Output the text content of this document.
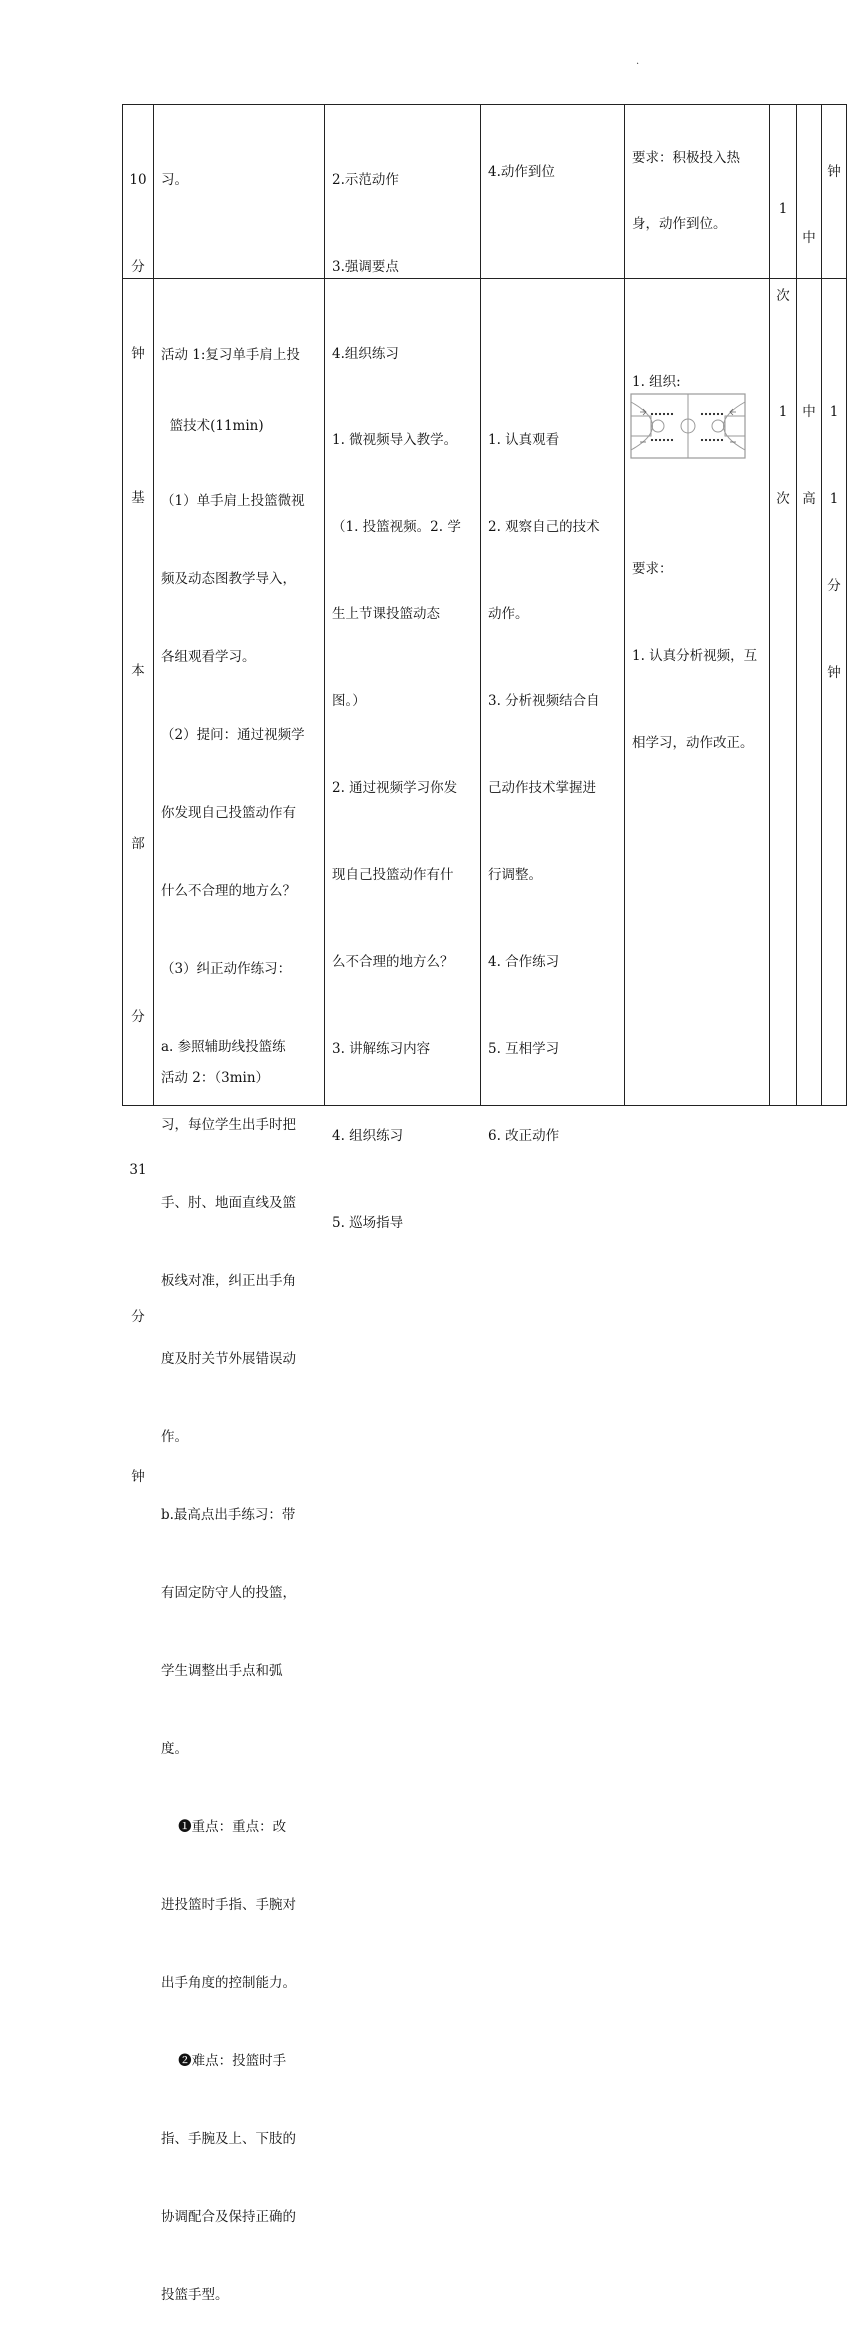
.

10

分

钟

习。

	2.示范动作

3.强调要点

4.组织练习

4.动作到位

要求：积极投入热

身，动作到位。

1

次

中

钟

基

本

部

分

31

分

钟

活动 1:复习单手肩上投

篮技术(11min)

（1）单手肩上投篮微视

频及动态图教学导入，

各组观看学习。

（2）提问：通过视频学

你发现自己投篮动作有

什么不合理的地方么？

（3）纠正动作练习：

a. 参照辅助线投篮练

习，每位学生出手时把

手、肘、地面直线及篮

板线对准，纠正出手角

度及肘关节外展错误动

作。

b.最高点出手练习：带

有固定防守人的投篮，

学生调整出手点和弧

度。

❶重点：重点：改

进投篮时手指、手腕对

出手角度的控制能力。

❷难点：投篮时手

指、手腕及上、下肢的

协调配合及保持正确的

投篮手型。

活动 2：（3min）

1. 微视频导入教学。

（1. 投篮视频。2. 学

生上节课投篮动态

图。）

2. 通过视频学习你发

现自己投篮动作有什

么不合理的地方么？

3. 讲解练习内容

4. 组织练习

5. 巡场指导

1. 认真观看

2. 观察自己的技术

动作。

3. 分析视频结合自

己动作技术掌握进

行调整。

4. 合作练习

5. 互相学习

6. 改正动作

1. 组织:

要求：

1. 认真分析视频，互

相学习，动作改正。

1

次

中

高

1

1

分

钟
